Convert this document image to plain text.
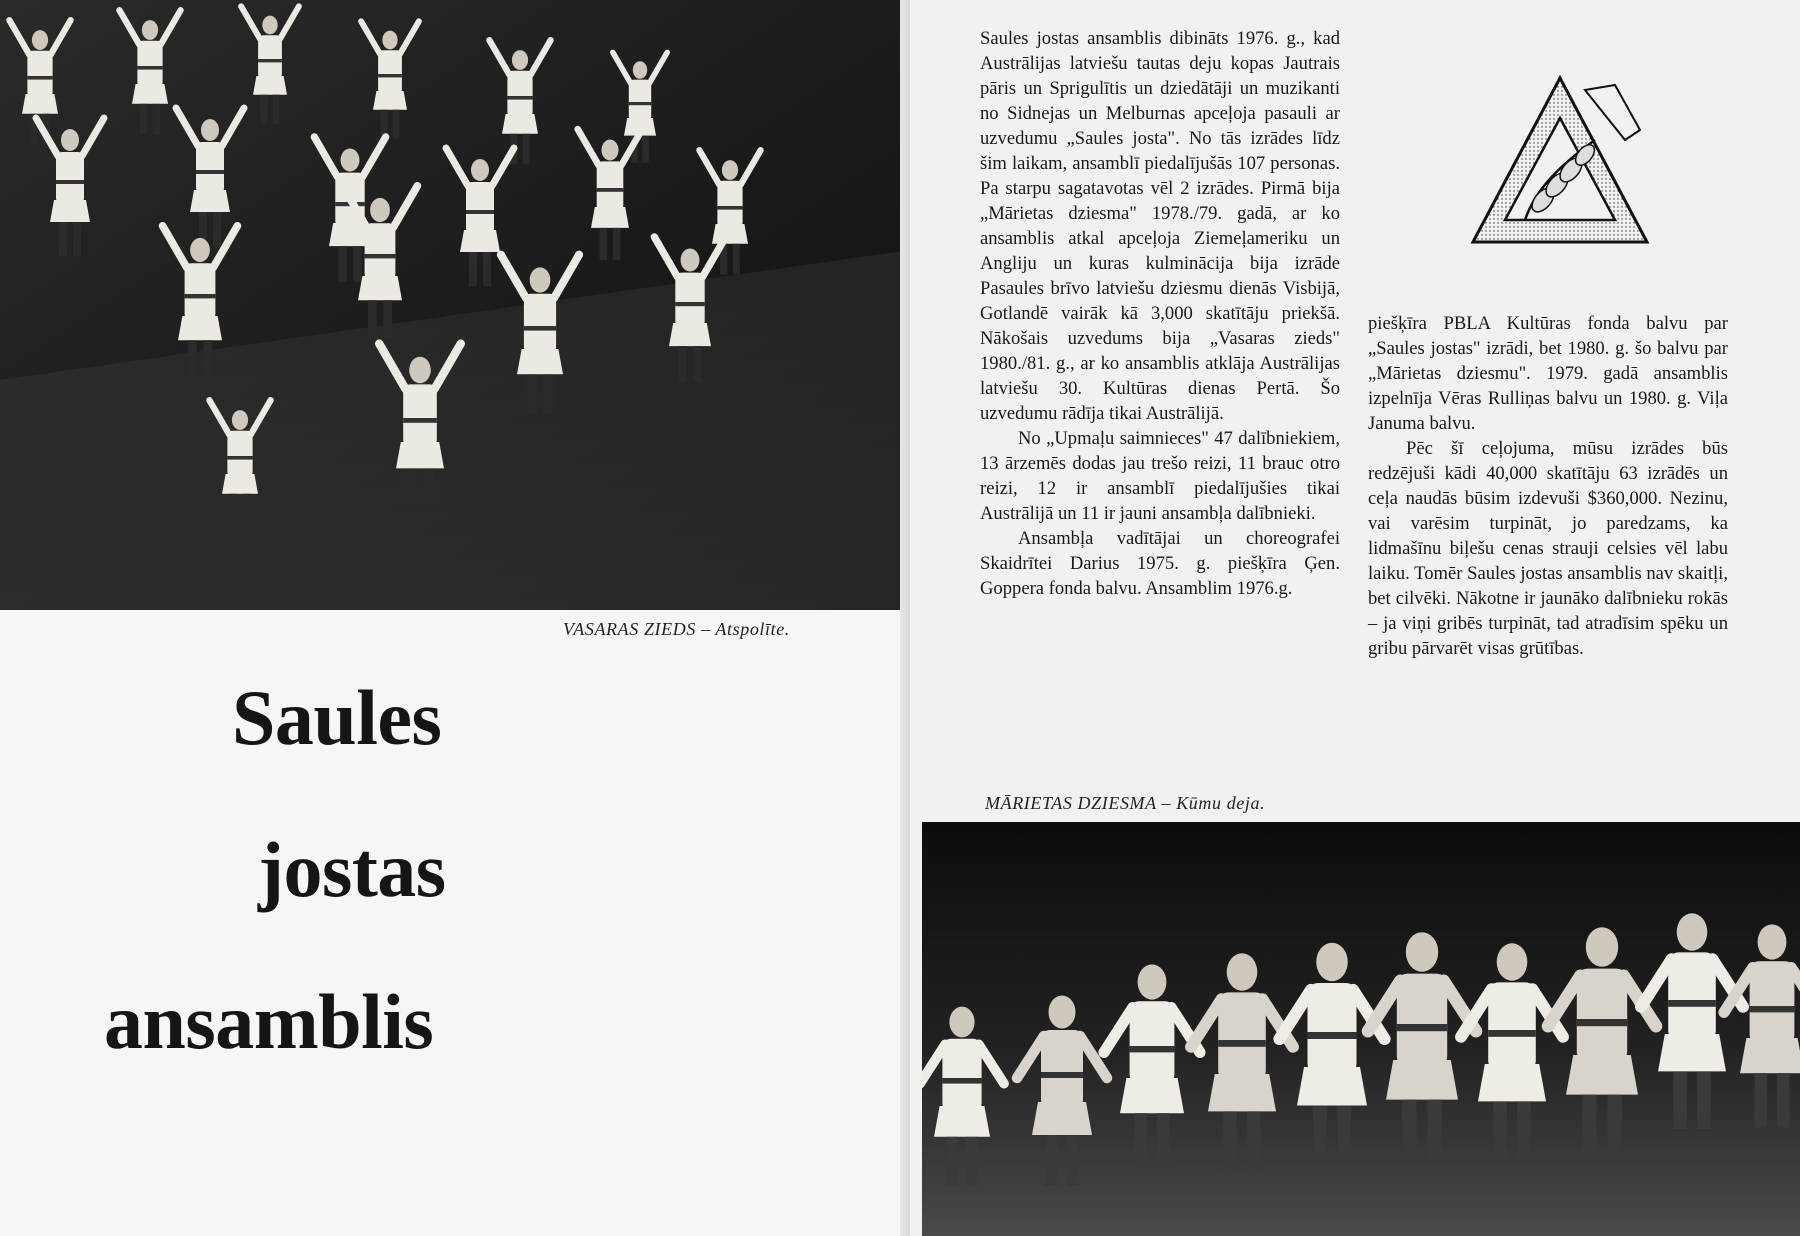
VASARAS ZIEDS – Atspolīte.
Saules
jostas
ansamblis

Saules jostas ansamblis dibināts 1976. g., kad Austrālijas latviešu tautas deju kopas Jautrais pāris un Sprigulītis un dziedātāji un muzikanti no Sidnejas un Melburnas apceļoja pasauli ar uzvedumu „Saules josta". No tās izrādes līdz šim laikam, ansamblī piedalījušās 107 personas. Pa starpu sagatavotas vēl 2 izrādes. Pirmā bija „Mārietas dziesma" 1978./79. gadā, ar ko ansamblis atkal apceļoja Ziemeļameriku un Angliju un kuras kulminācija bija izrāde Pasaules brīvo latviešu dziesmu dienās Visbijā, Gotlandē vairāk kā 3,000 skatītāju priekšā. Nākošais uzvedums bija „Vasaras zieds" 1980./81. g., ar ko ansamblis atklāja Austrālijas latviešu 30. Kultūras dienas Pertā. Šo uzvedumu rādīja tikai Austrālijā.

No „Upmaļu saimnieces" 47 dalībniekiem, 13 ārzemēs dodas jau trešo reizi, 11 brauc otro reizi, 12 ir ansamblī piedalījušies tikai Austrālijā un 11 ir jauni ansambļa dalībnieki.

Ansambļa vadītājai un choreografei Skaidrītei Darius 1975. g. piešķīra Ģen. Goppera fonda balvu. Ansamblim 1976.g.

piešķīra PBLA Kultūras fonda balvu par „Saules jostas" izrādi, bet 1980. g. šo balvu par „Mārietas dziesmu". 1979. gadā ansamblis izpelnīja Vēras Rulliņas balvu un 1980. g. Viļa Januma balvu.

Pēc šī ceļojuma, mūsu izrādes būs redzējuši kādi 40,000 skatītāju 63 izrādēs un ceļa naudās būsim izdevuši $360,000. Nezinu, vai varēsim turpināt, jo paredzams, ka lidmašīnu biļešu cenas strauji celsies vēl labu laiku. Tomēr Saules jostas ansamblis nav skaitļi, bet cilvēki. Nākotne ir jaunāko dalībnieku rokās – ja viņi gribēs turpināt, tad atradīsim spēku un gribu pārvarēt visas grūtības.

MĀRIETAS DZIESMA – Kūmu deja.
